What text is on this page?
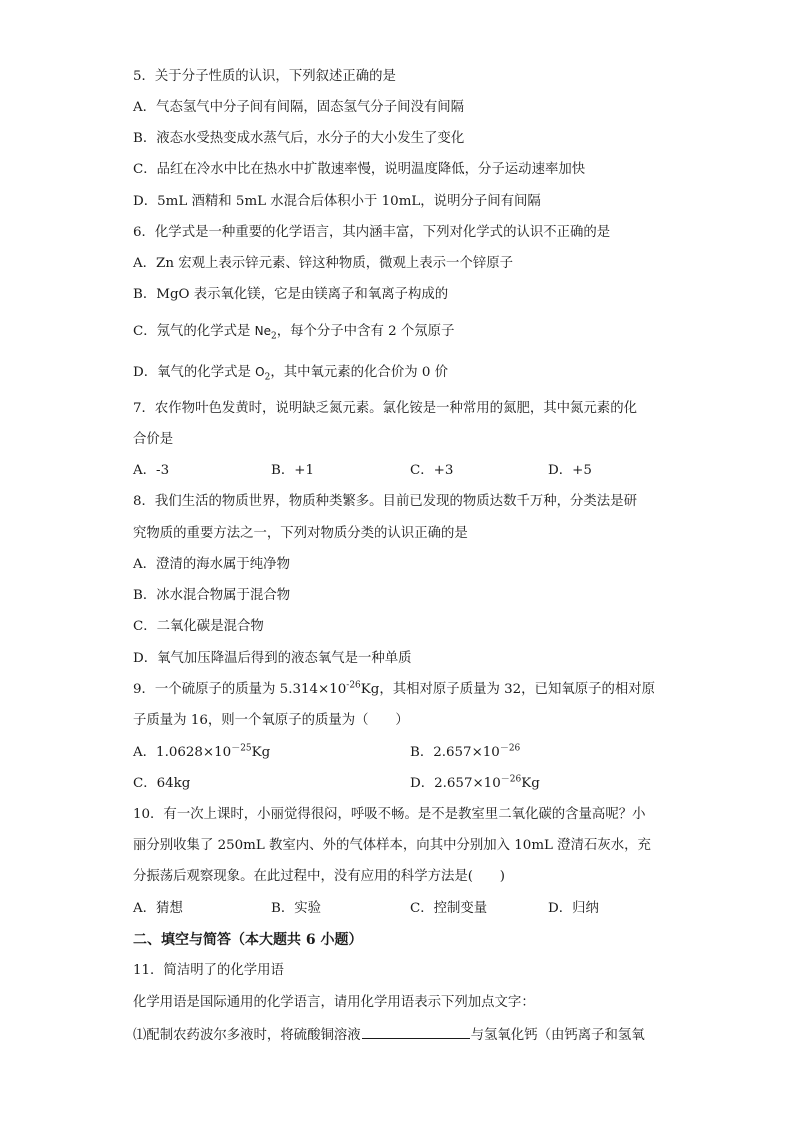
5．关于分子性质的认识，下列叙述正确的是
A．气态氢气中分子间有间隔，固态氢气分子间没有间隔
B．液态水受热变成水蒸气后，水分子的大小发生了变化
C．品红在冷水中比在热水中扩散速率慢，说明温度降低，分子运动速率加快
D．5mL 酒精和 5mL 水混合后体积小于 10mL，说明分子间有间隔
6．化学式是一种重要的化学语言，其内涵丰富，下列对化学式的认识不正确的是
A．Zn 宏观上表示锌元素、锌这种物质，微观上表示一个锌原子
B．MgO 表示氧化镁，它是由镁离子和氧离子构成的
C．氖气的化学式是 $Ne_2$，每个分子中含有 2 个氖原子
D．氧气的化学式是 $O_2$，其中氧元素的化合价为 0 价
7．农作物叶色发黄时，说明缺乏氮元素。氯化铵是一种常用的氮肥，其中氮元素的化
合价是
A．-3	B．+1	C．+3	D．+5
8．我们生活的物质世界，物质种类繁多。目前已发现的物质达数千万种，分类法是研
究物质的重要方法之一，下列对物质分类的认识正确的是
A．澄清的海水属于纯净物
B．冰水混合物属于混合物
C．二氧化碳是混合物
D．氧气加压降温后得到的液态氧气是一种单质
9．一个硫原子的质量为 $5.314\times 10^{-26}Kg$，其相对原子质量为 32，已知氧原子的相对原
子质量为 16，则一个氧原子的质量为（　　）
A．$1.0628\times 10^{-25}Kg$	B．$2.657\times 10^{-26}$
C．64kg	D．$2.657\times 10^{-26}Kg$
10．有一次上课时，小丽觉得很闷，呼吸不畅。是不是教室里二氧化碳的含量高呢？小
丽分别收集了 250mL 教室内、外的气体样本，向其中分别加入 10mL 澄清石灰水，充
分振荡后观察现象。在此过程中，没有应用的科学方法是(　　)
A．猜想	B．实验	C．控制变量	D．归纳
二、填空与简答（本大题共 6 小题）
11．简洁明了的化学用语
化学用语是国际通用的化学语言，请用化学用语表示下列加点文字：
⑴配制农药波尔多液时，将硫酸铜溶液	与氢氧化钙（由钙离子和氢氧
